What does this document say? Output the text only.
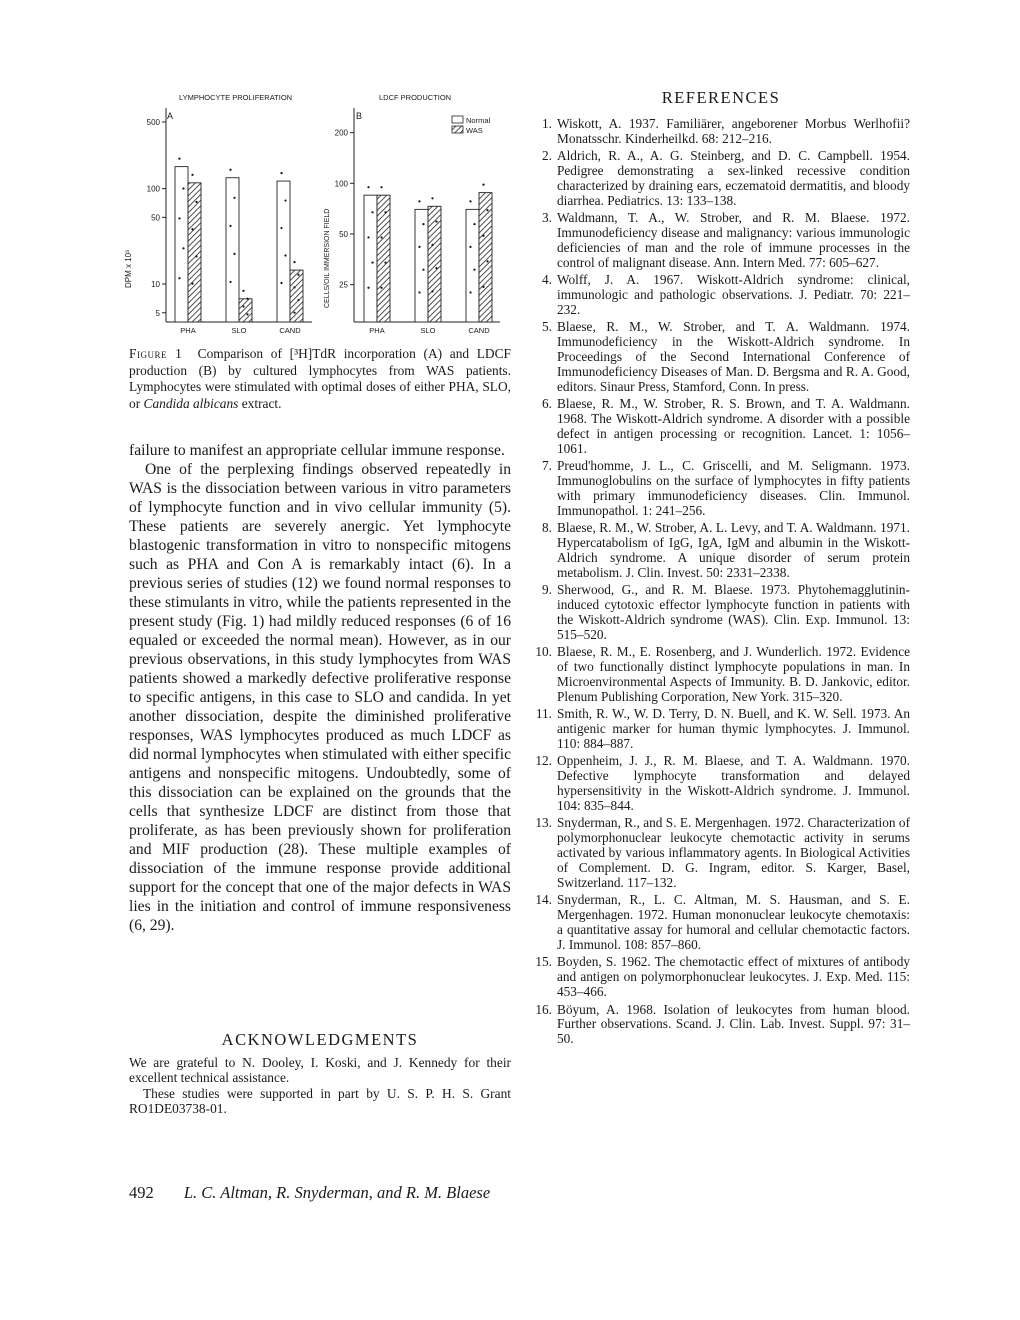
LYMPHOCYTE PROLIFERATION
A
DPM x 10³
500
100
50
10
5
PHA	SLO	CAND
LDCF PRODUCTION
B
CELLS/OIL IMMERSION FIELD
200
100
50
25
PHA	SLO	CAND
Normal
WAS
Figure 1 Comparison of [³H]TdR incorporation (A) and LDCF production (B) by cultured lymphocytes from WAS patients. Lymphocytes were stimulated with optimal doses of either PHA, SLO, or Candida albicans extract.

failure to manifest an appropriate cellular immune response.

One of the perplexing findings observed repeatedly in WAS is the dissociation between various in vitro parameters of lymphocyte function and in vivo cellular immunity (5). These patients are severely anergic. Yet lymphocyte blastogenic transformation in vitro to nonspecific mitogens such as PHA and Con A is remarkably intact (6). In a previous series of studies (12) we found normal responses to these stimulants in vitro, while the patients represented in the present study (Fig. 1) had mildly reduced responses (6 of 16 equaled or exceeded the normal mean). However, as in our previous observations, in this study lymphocytes from WAS patients showed a markedly defective proliferative response to specific antigens, in this case to SLO and candida. In yet another dissociation, despite the diminished proliferative responses, WAS lymphocytes produced as much LDCF as did normal lymphocytes when stimulated with either specific antigens and nonspecific mitogens. Undoubtedly, some of this dissociation can be explained on the grounds that the cells that synthesize LDCF are distinct from those that proliferate, as has been previously shown for proliferation and MIF production (28). These multiple examples of dissociation of the immune response provide additional support for the concept that one of the major defects in WAS lies in the initiation and control of immune responsiveness (6, 29).

ACKNOWLEDGMENTS

We are grateful to N. Dooley, I. Koski, and J. Kennedy for their excellent technical assistance.

These studies were supported in part by U. S. P. H. S. Grant RO1DE03738-01.

REFERENCES
1. Wiskott, A. 1937. Familiärer, angeborener Morbus Werlhofii? Monatsschr. Kinderheilkd. 68: 212–216.
2. Aldrich, R. A., A. G. Steinberg, and D. C. Campbell. 1954. Pedigree demonstrating a sex-linked recessive condition characterized by draining ears, eczematoid dermatitis, and bloody diarrhea. Pediatrics. 13: 133–138.
3. Waldmann, T. A., W. Strober, and R. M. Blaese. 1972. Immunodeficiency disease and malignancy: various immunologic deficiencies of man and the role of immune processes in the control of malignant disease. Ann. Intern Med. 77: 605–627.
4. Wolff, J. A. 1967. Wiskott-Aldrich syndrome: clinical, immunologic and pathologic observations. J. Pediatr. 70: 221–232.
5. Blaese, R. M., W. Strober, and T. A. Waldmann. 1974. Immunodeficiency in the Wiskott-Aldrich syndrome. In Proceedings of the Second International Conference of Immunodeficiency Diseases of Man. D. Bergsma and R. A. Good, editors. Sinaur Press, Stamford, Conn. In press.
6. Blaese, R. M., W. Strober, R. S. Brown, and T. A. Waldmann. 1968. The Wiskott-Aldrich syndrome. A disorder with a possible defect in antigen processing or recognition. Lancet. 1: 1056–1061.
7. Preud'homme, J. L., C. Griscelli, and M. Seligmann. 1973. Immunoglobulins on the surface of lymphocytes in fifty patients with primary immunodeficiency diseases. Clin. Immunol. Immunopathol. 1: 241–256.
8. Blaese, R. M., W. Strober, A. L. Levy, and T. A. Waldmann. 1971. Hypercatabolism of IgG, IgA, IgM and albumin in the Wiskott-Aldrich syndrome. A unique disorder of serum protein metabolism. J. Clin. Invest. 50: 2331–2338.
9. Sherwood, G., and R. M. Blaese. 1973. Phytohemagglutinin-induced cytotoxic effector lymphocyte function in patients with the Wiskott-Aldrich syndrome (WAS). Clin. Exp. Immunol. 13: 515–520.
10. Blaese, R. M., E. Rosenberg, and J. Wunderlich. 1972. Evidence of two functionally distinct lymphocyte populations in man. In Microenvironmental Aspects of Immunity. B. D. Jankovic, editor. Plenum Publishing Corporation, New York. 315–320.
11. Smith, R. W., W. D. Terry, D. N. Buell, and K. W. Sell. 1973. An antigenic marker for human thymic lymphocytes. J. Immunol. 110: 884–887.
12. Oppenheim, J. J., R. M. Blaese, and T. A. Waldmann. 1970. Defective lymphocyte transformation and delayed hypersensitivity in the Wiskott-Aldrich syndrome. J. Immunol. 104: 835–844.
13. Snyderman, R., and S. E. Mergenhagen. 1972. Characterization of polymorphonuclear leukocyte chemotactic activity in serums activated by various inflammatory agents. In Biological Activities of Complement. D. G. Ingram, editor. S. Karger, Basel, Switzerland. 117–132.
14. Snyderman, R., L. C. Altman, M. S. Hausman, and S. E. Mergenhagen. 1972. Human mononuclear leukocyte chemotaxis: a quantitative assay for humoral and cellular chemotactic factors. J. Immunol. 108: 857–860.
15. Boyden, S. 1962. The chemotactic effect of mixtures of antibody and antigen on polymorphonuclear leukocytes. J. Exp. Med. 115: 453–466.
16. Böyum, A. 1968. Isolation of leukocytes from human blood. Further observations. Scand. J. Clin. Lab. Invest. Suppl. 97: 31–50.
492 L. C. Altman, R. Snyderman, and R. M. Blaese
